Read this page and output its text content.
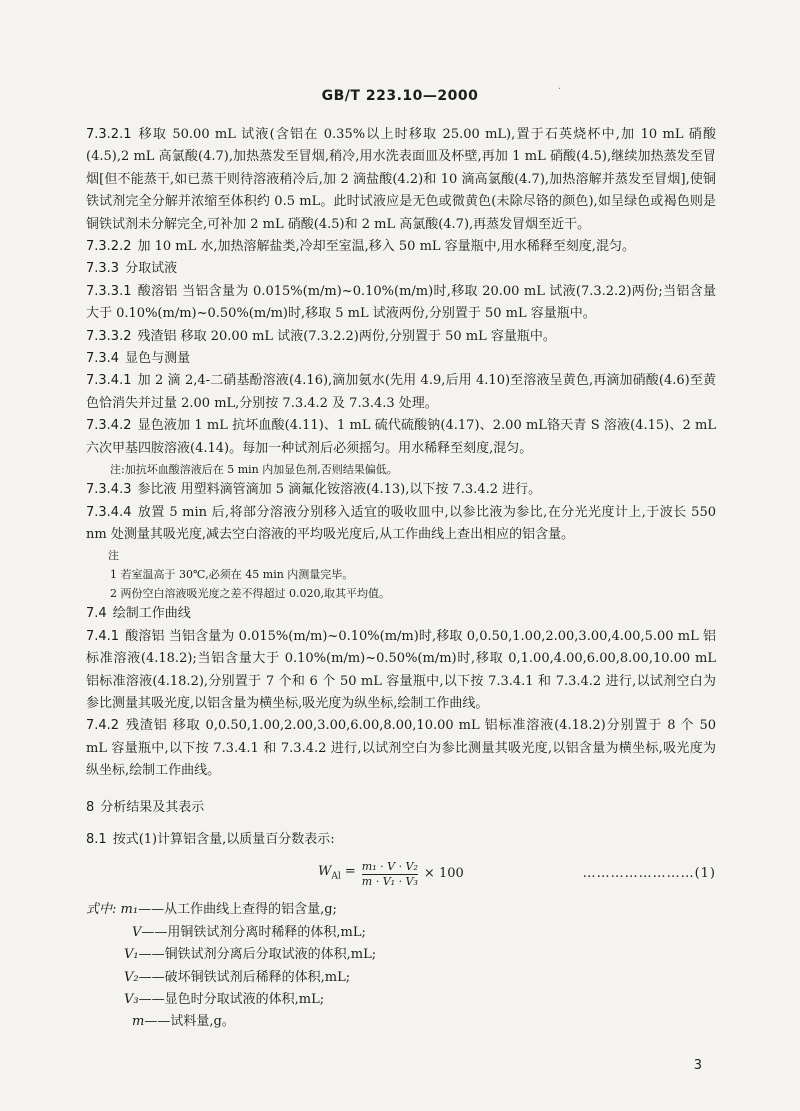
GB/T 223.10—2000	·

7.3.2.1 移取 50.00 mL 试液(含铝在 0.35%以上时移取 25.00 mL),置于石英烧杯中,加 10 mL 硝酸(4.5),2 mL 高氯酸(4.7),加热蒸发至冒烟,稍冷,用水洗表面皿及杯壁,再加 1 mL 硝酸(4.5),继续加热蒸发至冒烟[但不能蒸干,如已蒸干则待溶液稍冷后,加 2 滴盐酸(4.2)和 10 滴高氯酸(4.7),加热溶解并蒸发至冒烟],使铜铁试剂完全分解并浓缩至体积约 0.5 mL。此时试液应是无色或微黄色(未除尽铬的颜色),如呈绿色或褐色则是铜铁试剂未分解完全,可补加 2 mL 硝酸(4.5)和 2 mL 高氯酸(4.7),再蒸发冒烟至近干。

7.3.2.2 加 10 mL 水,加热溶解盐类,冷却至室温,移入 50 mL 容量瓶中,用水稀释至刻度,混匀。

7.3.3 分取试液

7.3.3.1 酸溶铝 当铝含量为 0.015%(m/m)~0.10%(m/m)时,移取 20.00 mL 试液(7.3.2.2)两份;当铝含量大于 0.10%(m/m)~0.50%(m/m)时,移取 5 mL 试液两份,分别置于 50 mL 容量瓶中。

7.3.3.2 残渣铝 移取 20.00 mL 试液(7.3.2.2)两份,分别置于 50 mL 容量瓶中。

7.3.4 显色与测量

7.3.4.1 加 2 滴 2,4-二硝基酚溶液(4.16),滴加氨水(先用 4.9,后用 4.10)至溶液呈黄色,再滴加硝酸(4.6)至黄色恰消失并过量 2.00 mL,分别按 7.3.4.2 及 7.3.4.3 处理。

7.3.4.2 显色液加 1 mL 抗坏血酸(4.11)、1 mL 硫代硫酸钠(4.17)、2.00 mL铬天青 S 溶液(4.15)、2 mL六次甲基四胺溶液(4.14)。每加一种试剂后必须摇匀。用水稀释至刻度,混匀。

注:加抗坏血酸溶液后在 5 min 内加显色剂,否则结果偏低。

7.3.4.3 参比液 用塑料滴管滴加 5 滴氟化铵溶液(4.13),以下按 7.3.4.2 进行。

7.3.4.4 放置 5 min 后,将部分溶液分别移入适宜的吸收皿中,以参比液为参比,在分光光度计上,于波长 550 nm 处测量其吸光度,减去空白溶液的平均吸光度后,从工作曲线上查出相应的铝含量。

注

1 若室温高于 30℃,必须在 45 min 内测量完毕。

2 两份空白溶液吸光度之差不得超过 0.020,取其平均值。

7.4 绘制工作曲线

7.4.1 酸溶铝 当铝含量为 0.015%(m/m)~0.10%(m/m)时,移取 0,0.50,1.00,2.00,3.00,4.00,5.00 mL 铝标准溶液(4.18.2);当铝含量大于 0.10%(m/m)~0.50%(m/m)时,移取 0,1.00,4.00,6.00,8.00,10.00 mL 铝标准溶液(4.18.2),分别置于 7 个和 6 个 50 mL 容量瓶中,以下按 7.3.4.1 和 7.3.4.2 进行,以试剂空白为参比测量其吸光度,以铝含量为横坐标,吸光度为纵坐标,绘制工作曲线。

7.4.2 残渣铝 移取 0,0.50,1.00,2.00,3.00,6.00,8.00,10.00 mL 铝标准溶液(4.18.2)分别置于 8 个 50 mL 容量瓶中,以下按 7.3.4.1 和 7.3.4.2 进行,以试剂空白为参比测量其吸光度,以铝含量为横坐标,吸光度为纵坐标,绘制工作曲线。

8 分析结果及其表示

8.1 按式(1)计算铝含量,以质量百分数表示:

$W_{Al} = \frac{\text{m₁ · V · V₂}}{\text{m · V₁ · V₃}} \times 100$	……………………(1)
式中: m₁——从工作曲线上查得的铝含量,g;
V——用铜铁试剂分离时稀释的体积,mL;
V₁——铜铁试剂分离后分取试液的体积,mL;
V₂——破坏铜铁试剂后稀释的体积,mL;
V₃——显色时分取试液的体积,mL;
m——试料量,g。
3
